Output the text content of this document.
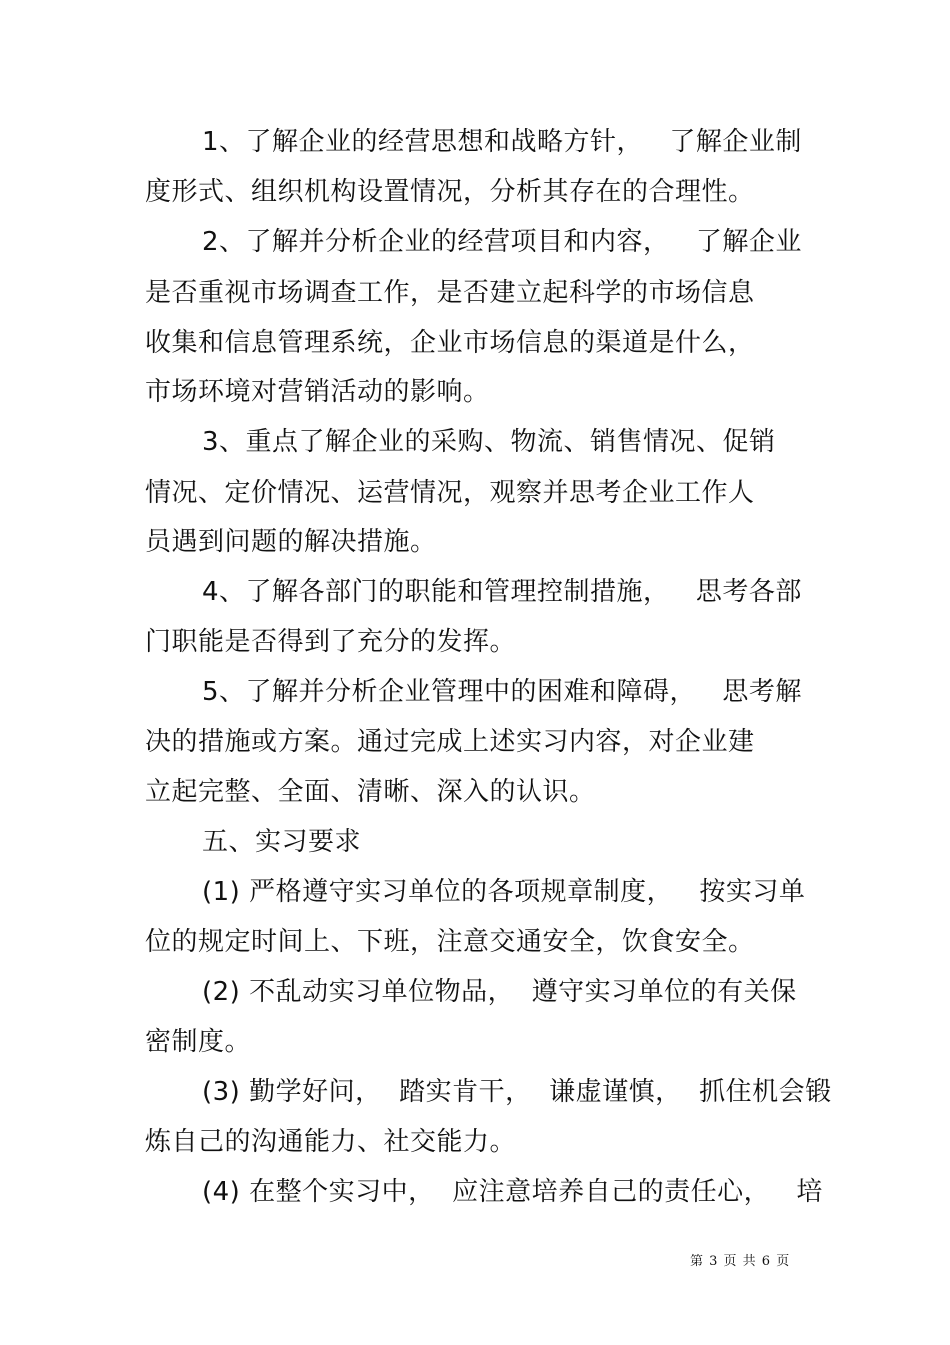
1、了解企业的经营思想和战略方针，   了解企业制
度形式、组织机构设置情况，分析其存在的合理性。
2、了解并分析企业的经营项目和内容，   了解企业
是否重视市场调查工作，是否建立起科学的市场信息
收集和信息管理系统，企业市场信息的渠道是什么，
市场环境对营销活动的影响。
3、重点了解企业的采购、物流、销售情况、促销
情况、定价情况、运营情况，观察并思考企业工作人
员遇到问题的解决措施。
4、了解各部门的职能和管理控制措施，   思考各部
门职能是否得到了充分的发挥。
5、了解并分析企业管理中的困难和障碍，   思考解
决的措施或方案。通过完成上述实习内容，对企业建
立起完整、全面、清晰、深入的认识。
五、实习要求
(1) 严格遵守实习单位的各项规章制度，   按实习单
位的规定时间上、下班，注意交通安全，饮食安全。
(2) 不乱动实习单位物品，  遵守实习单位的有关保
密制度。
(3) 勤学好问，  踏实肯干，  谦虚谨慎，  抓住机会锻
炼自己的沟通能力、社交能力。
(4) 在整个实习中，  应注意培养自己的责任心，   培
第 3 页 共 6 页
